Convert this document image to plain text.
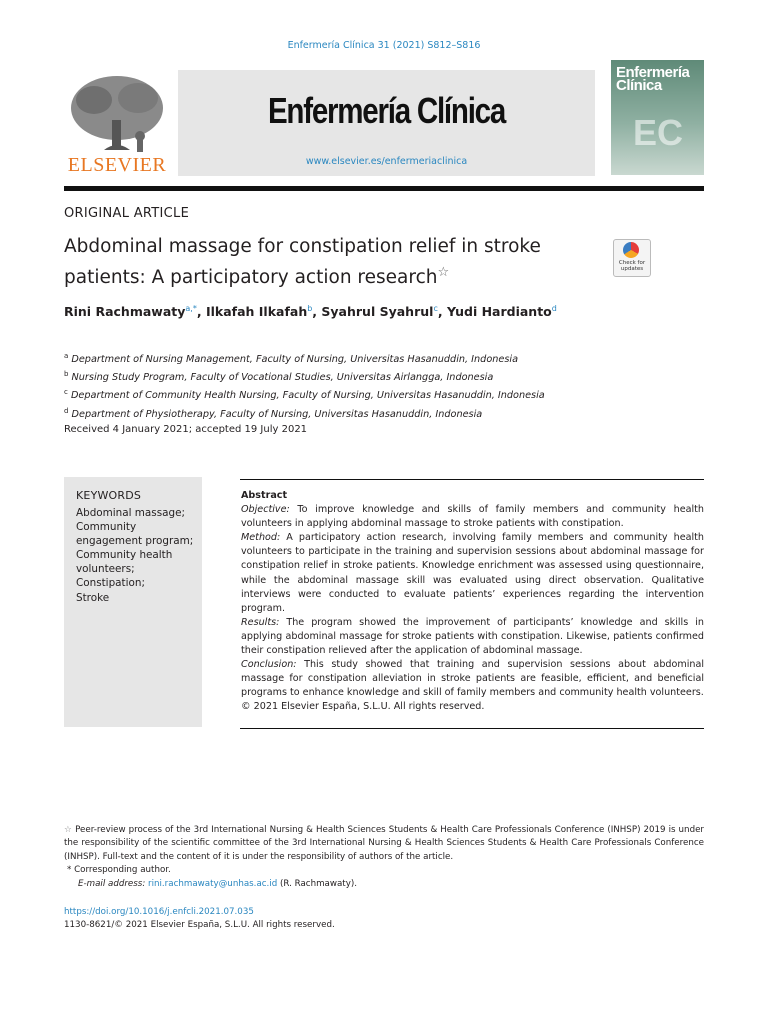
Enfermería Clínica 31 (2021) S812–S816
ELSEVIER
Enfermería Clínica
www.elsevier.es/enfermeriaclinica
Enfermería Clínica
EC
ORIGINAL ARTICLE
Abdominal massage for constipation relief in stroke patients: A participatory action research☆
Check for updates
Rini Rachmawaty$^{a,*}$, Ilkafah Ilkafah$^b$, Syahrul Syahrul$^c$, Yudi Hardianto$^d$
$^a$ Department of Nursing Management, Faculty of Nursing, Universitas Hasanuddin, Indonesia
$^b$ Nursing Study Program, Faculty of Vocational Studies, Universitas Airlangga, Indonesia
$^c$ Department of Community Health Nursing, Faculty of Nursing, Universitas Hasanuddin, Indonesia
$^d$ Department of Physiotherapy, Faculty of Nursing, Universitas Hasanuddin, Indonesia
Received 4 January 2021; accepted 19 July 2021
KEYWORDS
Abdominal massage;
Community engagement program;
Community health volunteers;
Constipation;
Stroke
Abstract
Objective: To improve knowledge and skills of family members and community health volunteers in applying abdominal massage to stroke patients with constipation.
Method: A participatory action research, involving family members and community health volunteers to participate in the training and supervision sessions about abdominal massage for constipation relief in stroke patients. Knowledge enrichment was assessed using questionnaire, while the abdominal massage skill was evaluated using direct observation. Qualitative interviews were conducted to evaluate patients’ experiences regarding the intervention program.
Results: The program showed the improvement of participants’ knowledge and skills in applying abdominal massage for stroke patients with constipation. Likewise, patients confirmed their constipation relieved after the application of abdominal massage.
Conclusion: This study showed that training and supervision sessions about abdominal massage for constipation alleviation in stroke patients are feasible, efficient, and beneficial programs to enhance knowledge and skill of family members and community health volunteers.
© 2021 Elsevier España, S.L.U. All rights reserved.
☆ Peer-review process of the 3rd International Nursing & Health Sciences Students & Health Care Professionals Conference (INHSP) 2019 is under the responsibility of the scientific committee of the 3rd International Nursing & Health Sciences Students & Health Care Professionals Conference (INHSP). Full-text and the content of it is under the responsibility of authors of the article.
* Corresponding author.
E-mail address: rini.rachmawaty@unhas.ac.id (R. Rachmawaty).
https://doi.org/10.1016/j.enfcli.2021.07.035
1130-8621/© 2021 Elsevier España, S.L.U. All rights reserved.
